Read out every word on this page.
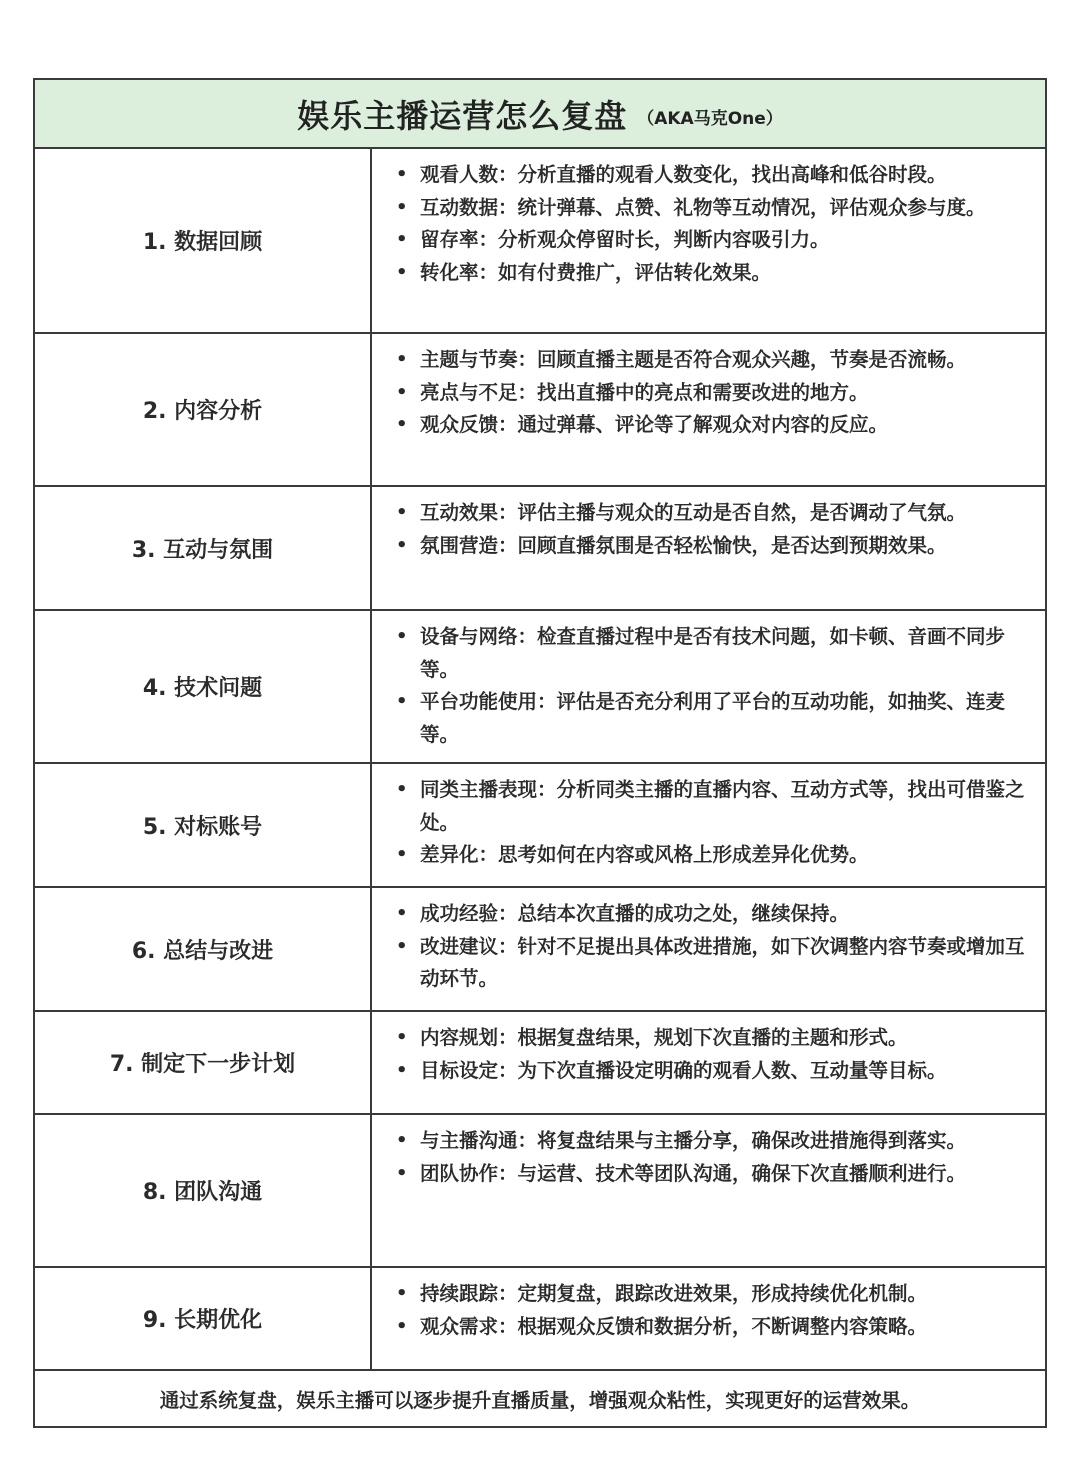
娱乐主播运营怎么复盘 （AKA马克One）
1. 数据回顾
• 观看人数：分析直播的观看人数变化，找出高峰和低谷时段。
• 互动数据：统计弹幕、点赞、礼物等互动情况，评估观众参与度。
• 留存率：分析观众停留时长，判断内容吸引力。
• 转化率：如有付费推广，评估转化效果。
2. 内容分析
• 主题与节奏：回顾直播主题是否符合观众兴趣，节奏是否流畅。
• 亮点与不足：找出直播中的亮点和需要改进的地方。
• 观众反馈：通过弹幕、评论等了解观众对内容的反应。
3. 互动与氛围
• 互动效果：评估主播与观众的互动是否自然，是否调动了气氛。
• 氛围营造：回顾直播氛围是否轻松愉快，是否达到预期效果。
4. 技术问题
• 设备与网络：检查直播过程中是否有技术问题，如卡顿、音画不同步等。
• 平台功能使用：评估是否充分利用了平台的互动功能，如抽奖、连麦等。
5. 对标账号
• 同类主播表现：分析同类主播的直播内容、互动方式等，找出可借鉴之处。
• 差异化：思考如何在内容或风格上形成差异化优势。
6. 总结与改进
• 成功经验：总结本次直播的成功之处，继续保持。
• 改进建议：针对不足提出具体改进措施，如下次调整内容节奏或增加互动环节。
7. 制定下一步计划
• 内容规划：根据复盘结果，规划下次直播的主题和形式。
• 目标设定：为下次直播设定明确的观看人数、互动量等目标。
8. 团队沟通
• 与主播沟通：将复盘结果与主播分享，确保改进措施得到落实。
• 团队协作：与运营、技术等团队沟通，确保下次直播顺利进行。
9. 长期优化
• 持续跟踪：定期复盘，跟踪改进效果，形成持续优化机制。
• 观众需求：根据观众反馈和数据分析，不断调整内容策略。
通过系统复盘，娱乐主播可以逐步提升直播质量，增强观众粘性，实现更好的运营效果。
